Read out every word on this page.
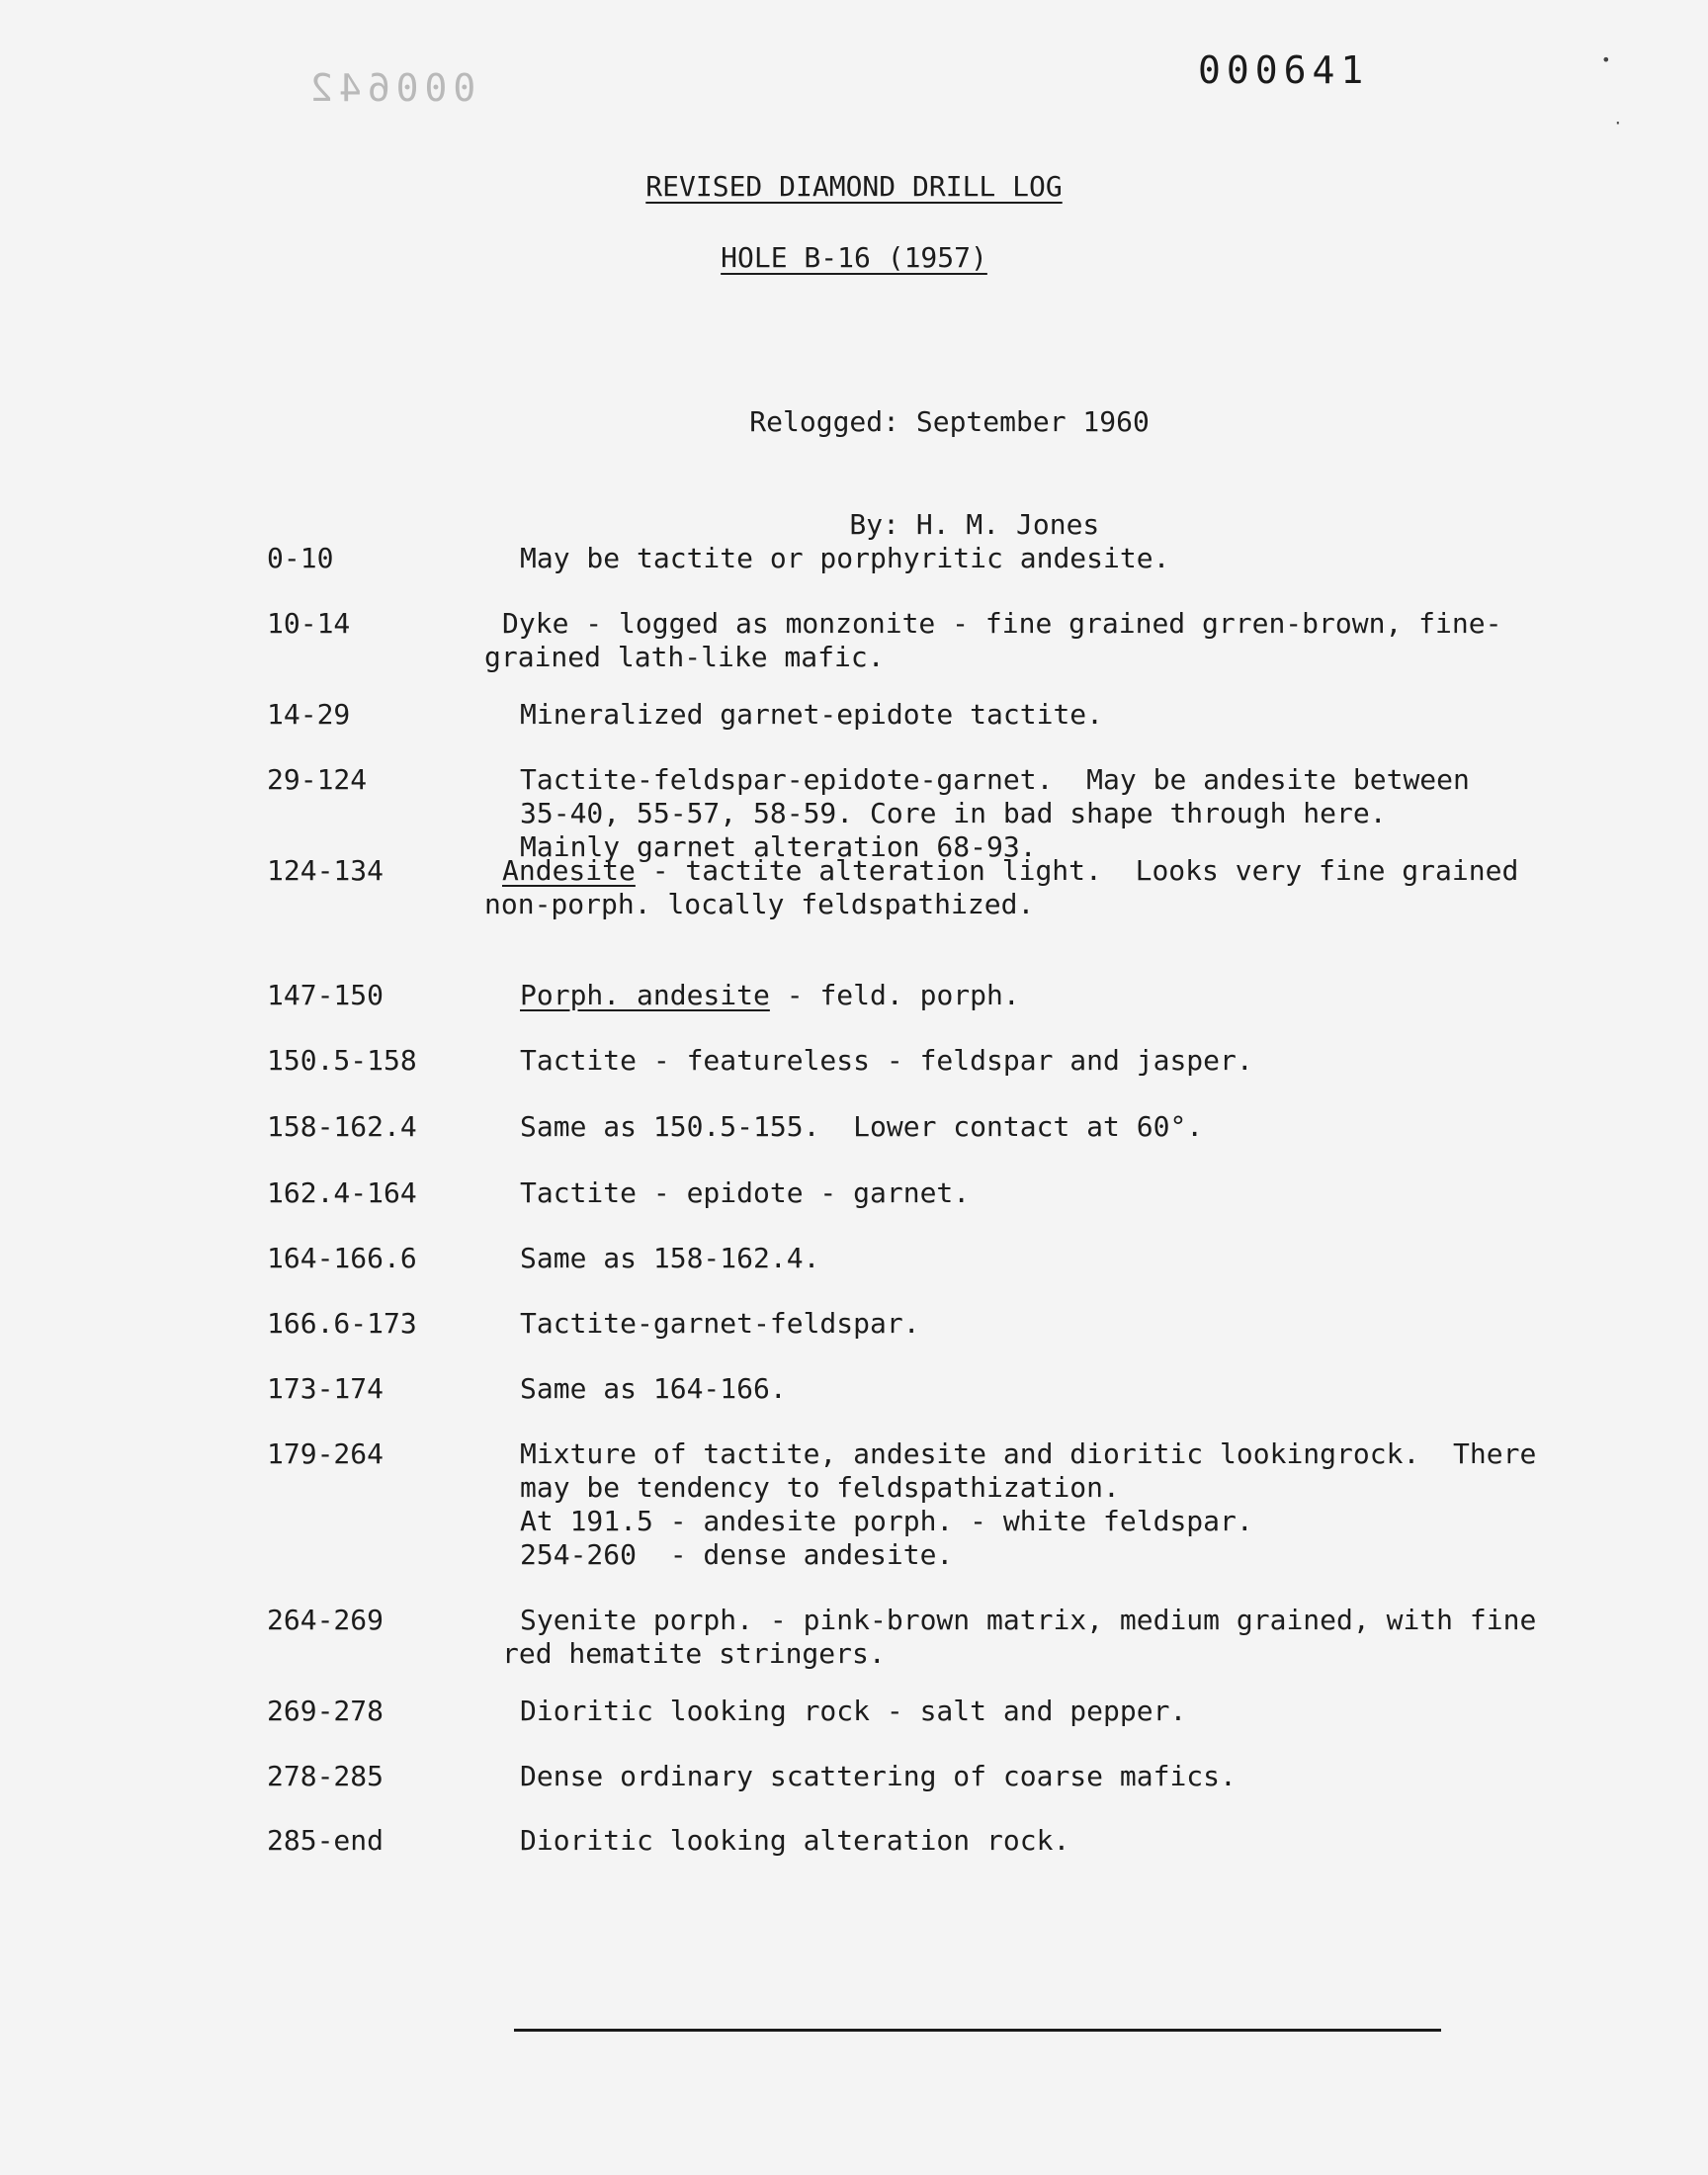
000642	000641
REVISED DIAMOND DRILL LOG
HOLE B-16 (1957)

Relogged: September 1960

By: H. M. Jones

0-10	May be tactite or porphyritic andesite.
10-14	Dyke - logged as monzonite - fine grained grren-brown, fine-
grained lath-like mafic.
14-29	Mineralized garnet-epidote tactite.
29-124	Tactite-feldspar-epidote-garnet.  May be andesite between
35-40, 55-57, 58-59. Core in bad shape through here.
Mainly garnet alteration 68-93.
124-134	Andesite - tactite alteration light.  Looks very fine grained
non-porph. locally feldspathized.
147-150	Porph. andesite - feld. porph.
150.5-158	Tactite - featureless - feldspar and jasper.
158-162.4	Same as 150.5-155.  Lower contact at 60°.
162.4-164	Tactite - epidote - garnet.
164-166.6	Same as 158-162.4.
166.6-173	Tactite-garnet-feldspar.
173-174	Same as 164-166.
179-264	Mixture of tactite, andesite and dioritic lookingrock.  There
may be tendency to feldspathization.
At 191.5 - andesite porph. - white feldspar.
254-260  - dense andesite.
264-269	Syenite porph. - pink-brown matrix, medium grained, with fine
red hematite stringers.
269-278	Dioritic looking rock - salt and pepper.
278-285	Dense ordinary scattering of coarse mafics.
285-end	Dioritic looking alteration rock.
•
·
